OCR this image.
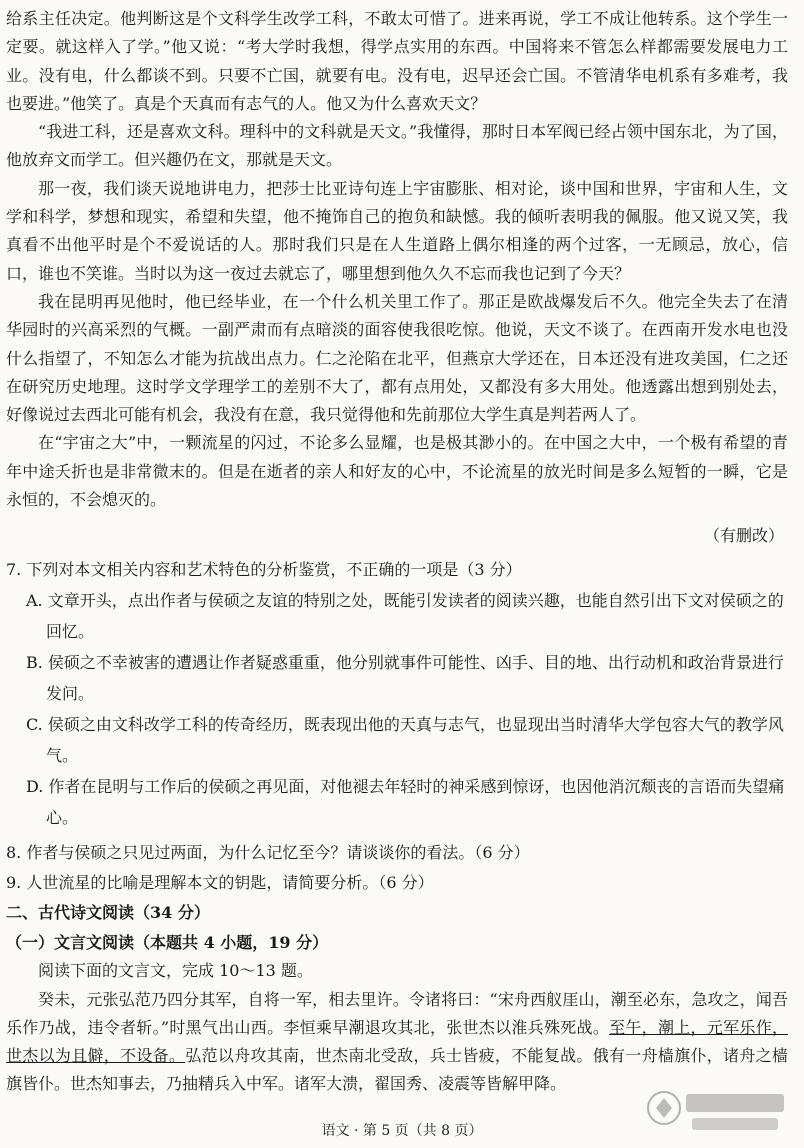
给系主任决定。他判断这是个文科学生改学工科，不敢太可惜了。进来再说，学工不成让他转系。这个学生一定要。就这样入了学。”他又说：“考大学时我想，得学点实用的东西。中国将来不管怎么样都需要发展电力工业。没有电，什么都谈不到。只要不亡国，就要有电。没有电，迟早还会亡国。不管清华电机系有多难考，我也要进。”他笑了。真是个天真而有志气的人。他又为什么喜欢天文？

“我进工科，还是喜欢文科。理科中的文科就是天文。”我懂得，那时日本军阀已经占领中国东北，为了国，他放弃文而学工。但兴趣仍在文，那就是天文。

那一夜，我们谈天说地讲电力，把莎士比亚诗句连上宇宙膨胀、相对论，谈中国和世界，宇宙和人生，文学和科学，梦想和现实，希望和失望，他不掩饰自己的抱负和缺憾。我的倾听表明我的佩服。他又说又笑，我真看不出他平时是个不爱说话的人。那时我们只是在人生道路上偶尔相逢的两个过客，一无顾忌，放心，信口，谁也不笑谁。当时以为这一夜过去就忘了，哪里想到他久久不忘而我也记到了今天？

我在昆明再见他时，他已经毕业，在一个什么机关里工作了。那正是欧战爆发后不久。他完全失去了在清华园时的兴高采烈的气概。一副严肃而有点暗淡的面容使我很吃惊。他说，天文不谈了。在西南开发水电也没什么指望了，不知怎么才能为抗战出点力。仁之沦陷在北平，但燕京大学还在，日本还没有进攻美国，仁之还在研究历史地理。这时学文学理学工的差别不大了，都有点用处，又都没有多大用处。他透露出想到别处去，好像说过去西北可能有机会，我没有在意，我只觉得他和先前那位大学生真是判若两人了。

在“宇宙之大”中，一颗流星的闪过，不论多么显耀，也是极其渺小的。在中国之大中，一个极有希望的青年中途夭折也是非常微末的。但是在逝者的亲人和好友的心中，不论流星的放光时间是多么短暂的一瞬，它是永恒的，不会熄灭的。

（有删改）

7. 下列对本文相关内容和艺术特色的分析鉴赏，不正确的一项是（3 分）

A. 文章开头，点出作者与侯硕之友谊的特别之处，既能引发读者的阅读兴趣，也能自然引出下文对侯硕之的回忆。

B. 侯硕之不幸被害的遭遇让作者疑惑重重，他分别就事件可能性、凶手、目的地、出行动机和政治背景进行发问。

C. 侯硕之由文科改学工科的传奇经历，既表现出他的天真与志气，也显现出当时清华大学包容大气的教学风气。

D. 作者在昆明与工作后的侯硕之再见面，对他褪去年轻时的神采感到惊讶，也因他消沉颓丧的言语而失望痛心。

8. 作者与侯硕之只见过两面，为什么记忆至今？请谈谈你的看法。（6 分）

9. 人世流星的比喻是理解本文的钥匙，请简要分析。（6 分）

二、古代诗文阅读（34 分）

（一）文言文阅读（本题共 4 小题，19 分）

阅读下面的文言文，完成 10～13 题。

癸未，元张弘范乃四分其军，自将一军，相去里许。令诸将曰：“宋舟西舣厓山，潮至必东，急攻之，闻吾乐作乃战，违令者斩。”时黑气出山西。李恒乘早潮退攻其北，张世杰以淮兵殊死战。至午，潮上，元军乐作，世杰以为且僻，不设备。弘范以舟攻其南，世杰南北受敌，兵士皆疲，不能复战。俄有一舟樯旗仆，诸舟之樯旗皆仆。世杰知事去，乃抽精兵入中军。诸军大溃，翟国秀、凌震等皆解甲降。

语文 · 第 5 页（共 8 页）
